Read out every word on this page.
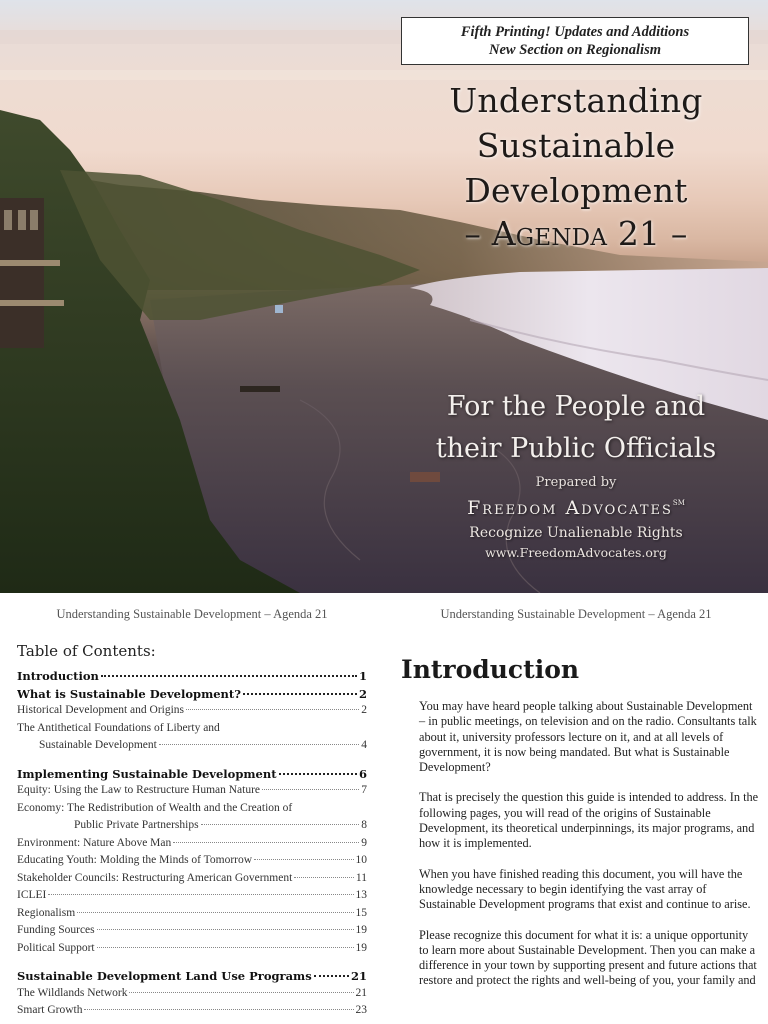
Fifth Printing! Updates and Additions
New Section on Regionalism
Understanding
Sustainable
Development
– Agenda 21 –
For the People and
their Public Officials
Prepared by
Freedom Advocates℠
Recognize Unalienable Rights
www.FreedomAdvocates.org
Understanding Sustainable Development – Agenda 21
Table of Contents:
Introduction	1
What is Sustainable Development?	2
Historical Development and Origins	2
The Antithetical Foundations of Liberty and
Sustainable Development	4
Implementing Sustainable Development	6
Equity: Using the Law to Restructure Human Nature	7
Economy: The Redistribution of Wealth and the Creation of
Public Private Partnerships	8
Environment: Nature Above Man	9
Educating Youth: Molding the Minds of Tomorrow	10
Stakeholder Councils: Restructuring American Government	11
ICLEI	13
Regionalism	15
Funding Sources	19
Political Support	19
Sustainable Development Land Use Programs	21
The Wildlands Network	21
Smart Growth	23
Understanding Sustainable Development – Agenda 21
Introduction

You may have heard people talking about Sustainable Development – in public meetings, on television and on the radio. Consultants talk about it, university professors lecture on it, and at all levels of government, it is now being mandated. But what is Sustainable Development?

That is precisely the question this guide is intended to address. In the following pages, you will read of the origins of Sustainable Development, its theoretical underpinnings, its major programs, and how it is implemented.

When you have finished reading this document, you will have the knowledge necessary to begin identifying the vast array of Sustainable Development programs that exist and continue to arise.

Please recognize this document for what it is: a unique opportunity to learn more about Sustainable Development. Then you can make a difference in your town by supporting present and future actions that restore and protect the rights and well-being of you, your family and
